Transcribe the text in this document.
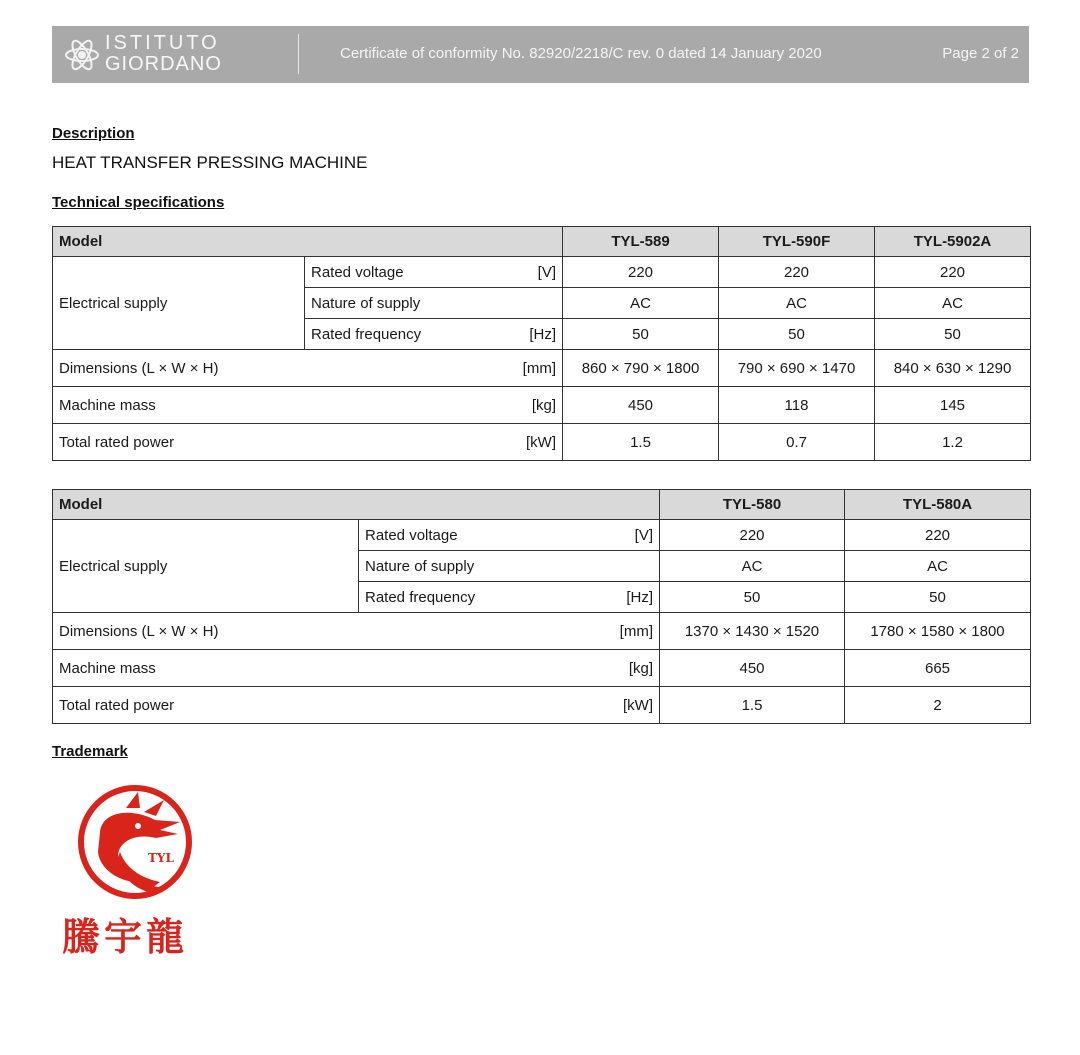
ISTITUTO
GIORDANO	Certificate of conformity No. 82920/2218/C rev. 0 dated 14 January 2020	Page 2 of 2
Description
HEAT TRANSFER PRESSING MACHINE
Technical specifications
Model		TYL-589	TYL-590F	TYL-5902A
Electrical supply	Rated voltage [V]	220	220	220
	Nature of supply	AC	AC	AC

	Rated frequency [Hz]	50	50	50

Dimensions (L × W × H) [mm]		860 × 790 × 1800	790 × 690 × 1470	840 × 630 × 1290

Machine mass [kg]		450	118	145

Total rated power [kW]		1.5	0.7	1.2
Model		TYL-580	TYL-580A
Electrical supply	Rated voltage [V]	220	220
	Nature of supply	AC	AC

	Rated frequency [Hz]	50	50

Dimensions (L × W × H) [mm]		1370 × 1430 × 1520	1780 × 1580 × 1800

Machine mass [kg]		450	665

Total rated power [kW]		1.5	2
Trademark
TYL
騰宇龍
